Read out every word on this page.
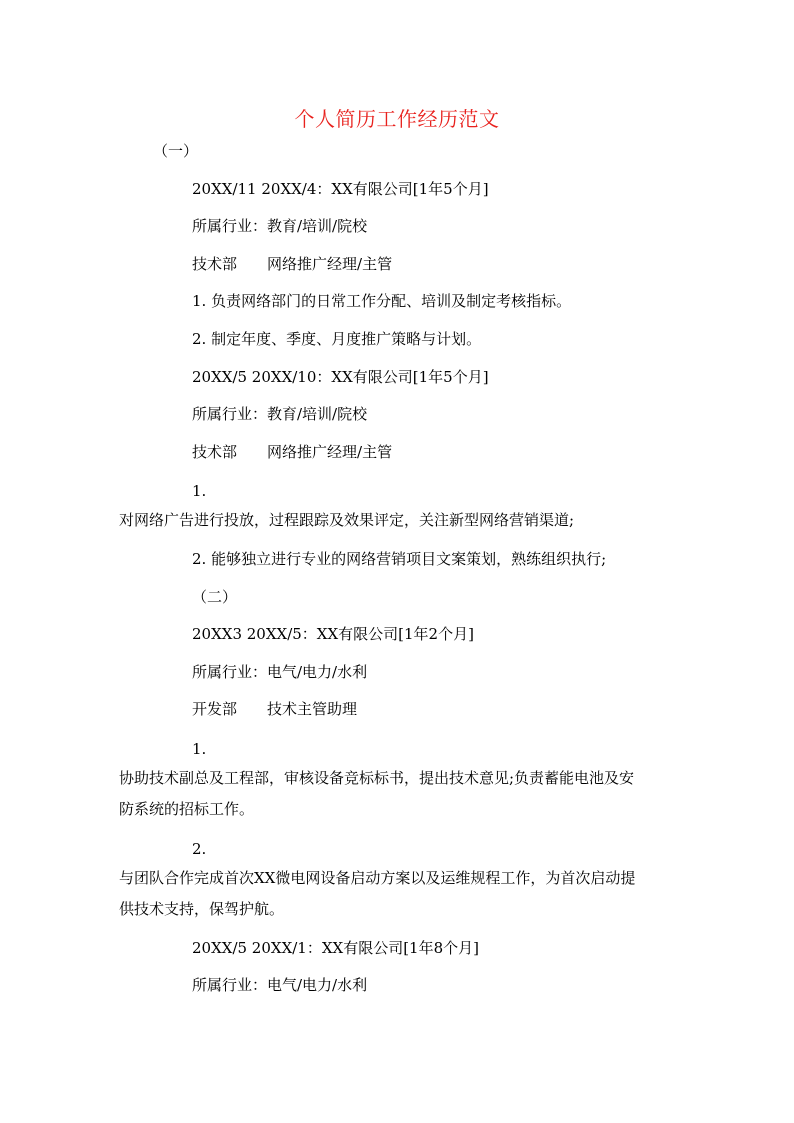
个人简历工作经历范文
（一）
20XX/11 20XX/4：XX有限公司[1年5个月]
所属行业：教育/培训/院校
技术部 网络推广经理/主管
1. 负责网络部门的日常工作分配、培训及制定考核指标。
2. 制定年度、季度、月度推广策略与计划。
20XX/5 20XX/10：XX有限公司[1年5个月]
所属行业：教育/培训/院校
技术部 网络推广经理/主管
1.
对网络广告进行投放，过程跟踪及效果评定，关注新型网络营销渠道;
2. 能够独立进行专业的网络营销项目文案策划，熟练组织执行;
（二）
20XX3 20XX/5：XX有限公司[1年2个月]
所属行业：电气/电力/水利
开发部 技术主管助理
1.
协助技术副总及工程部，审核设备竞标标书，提出技术意见;负责蓄能电池及安
防系统的招标工作。
2.
与团队合作完成首次XX微电网设备启动方案以及运维规程工作，为首次启动提
供技术支持，保驾护航。
20XX/5 20XX/1：XX有限公司[1年8个月]
所属行业：电气/电力/水利
